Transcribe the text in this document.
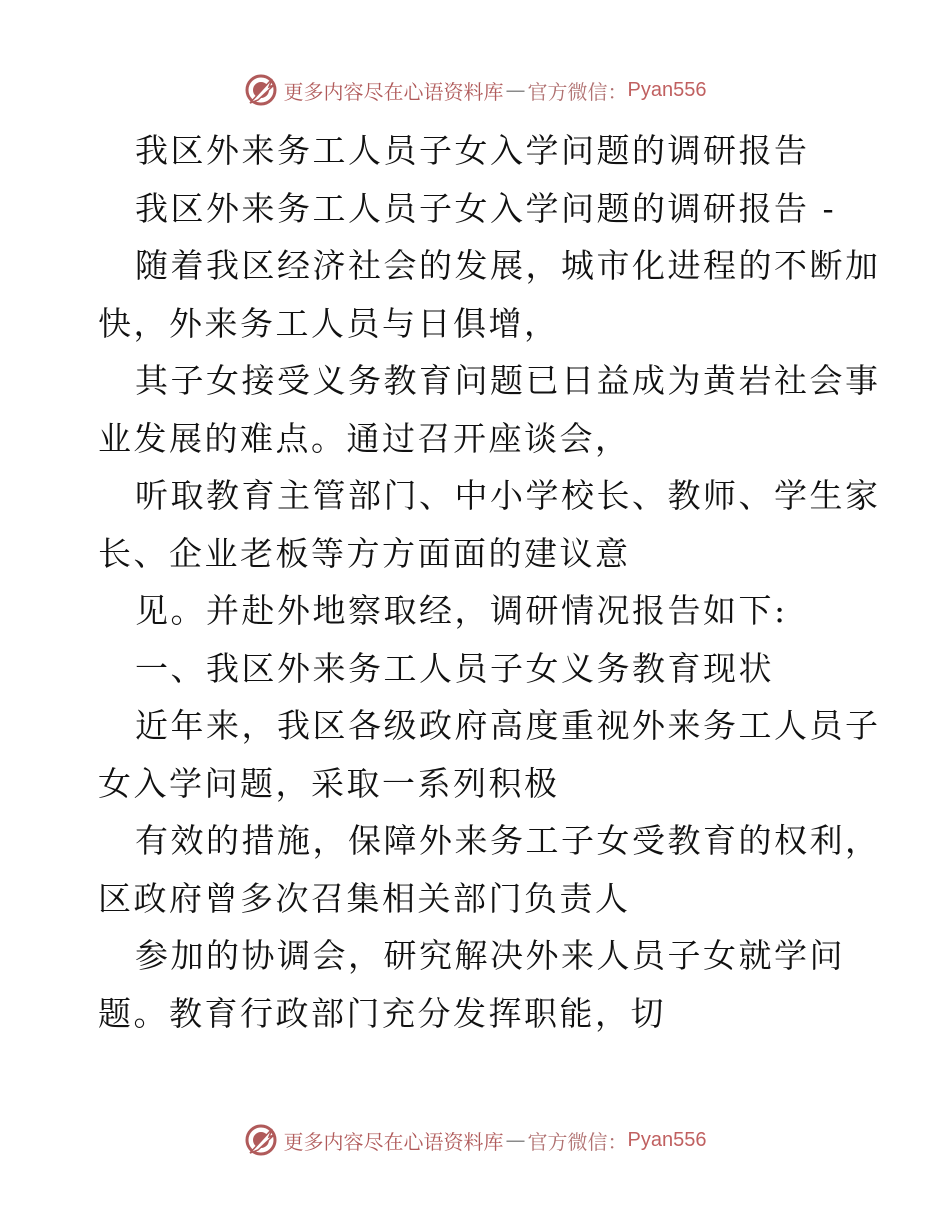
更多内容尽在心语资料库 — 官方微信： Pyan556
我区外来务工人员子女入学问题的调研报告
我区外来务工人员子女入学问题的调研报告 -
随着我区经济社会的发展，城市化进程的不断加
快，外来务工人员与日俱增，
其子女接受义务教育问题已日益成为黄岩社会事
业发展的难点。通过召开座谈会，
听取教育主管部门、中小学校长、教师、学生家
长、企业老板等方方面面的建议意
见。并赴外地察取经，调研情况报告如下:
一、我区外来务工人员子女义务教育现状
近年来，我区各级政府高度重视外来务工人员子
女入学问题，采取一系列积极
有效的措施，保障外来务工子女受教育的权利，
区政府曾多次召集相关部门负责人
参加的协调会，研究解决外来人员子女就学问
题。教育行政部门充分发挥职能，切
更多内容尽在心语资料库 — 官方微信： Pyan556
